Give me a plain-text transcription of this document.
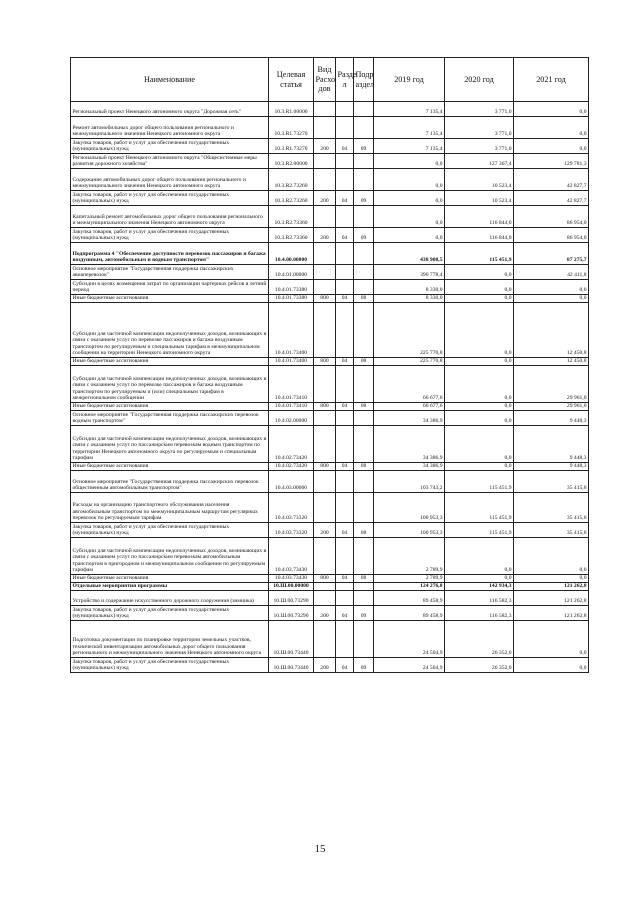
Наименование	Целевая статья	Вид Расхо дов	Разде л	Подр аздел	2019 год	2020 год	2021 год
Региональный проект Ненецкого автономного округа "Дорожная сеть"	10.3.R1.00000				7 135,4	3 771,0	0,0
Ремонт автомобильных дорог общего пользования регионального и межмуниципального значения Ненецкого автономного округа	10.3.R1.73270				7 135,4	3 771,0	0,0
Закупка товаров, работ и услуг для обеспечения государственных (муниципальных) нужд	10.3.R1.73270	200	04	09	7 135,4	3 771,0	0,0
Региональный проект Ненецкого автономного округа "Общесистемные меры развития дорожного хозяйства"	10.3.R2.00000				0,0	127 367,4	129 781,3
Содержание автомобильных дорог общего пользования регионального и межмуниципального значения Ненецкого автономного округа	10.3.R2.73260				0,0	10 523,4	42 827,7
Закупка товаров, работ и услуг для обеспечения государственных (муниципальных) нужд	10.3.R2.73260	200	04	09	0,0	10 523,4	42 827,7
Капитальный ремонт автомобильных дорог общего пользования регионального и межмуниципального значения Ненецкого автономного округа	10.3.R2.73360				0,0	116 844,0	86 954,0
Закупка товаров, работ и услуг для обеспечения государственных (муниципальных) нужд	10.3.R2.73360	200	04	09	0,0	116 844,0	86 954,0
Подпрограмма 4 "Обеспечение доступности перевозок пассажиров и багажа воздушным, автомобильным и водным транспортом"	10.4.00.00000				438 908,5	115 451,9	87 275,7
Основное мероприятие "Государственная поддержка пассажирских авиаперевозок"	10.4.01.00000				390 778,4	0,0	42 411,8
Субсидии в целях возмещения затрат по организации чартерных рейсов в летний период	10.4.01.73380				8 330,0	0,0	0,0
Иные бюджетные ассигнования	10.4.01.73380	800	04	08	8 330,0	0,0	0,0
Субсидии для частичной компенсации недополученных доходов, возникающих в связи с оказанием услуг по перевозке пассажиров и багажа воздушным транспортом по регулируемым и специальным тарифам в межмуниципальном сообщении на территории Ненецкого автономного округа	10.4.01.73400				225 770,8	0,0	12 450,8
Иные бюджетные ассигнования	10.4.01.73400	800	04	08	225 770,8	0,0	12 450,8
Субсидии для частичной компенсации недополученных доходов, возникающих в связи с оказанием услуг по перевозке пассажиров и багажа воздушным транспортом по регулируемым и (или) специальным тарифам в межрегиональном сообщении	10.4.01.73410				66 677,6	0,0	29 961,0
Иные бюджетные ассигнования	10.4.01.73410	800	04	08	66 677,6	0,0	29 961,0
Основное мероприятие "Государственная поддержка пассажирских перевозок водным транспортом"	10.4.02.00000				34 386,9	0,0	9 448,3
Субсидии для частичной компенсации недополученных доходов, возникающих в связи с оказанием услуг по пассажирским перевозкам водным транспортом по территории Ненецкого автономного округа по регулируемым и специальным тарифам	10.4.02.73420				34 386,9	0,0	9 448,3
Иные бюджетные ассигнования	10.4.02.73420	800	04	08	34 386,9	0,0	9 448,3
Основное мероприятие "Государственная поддержка пассажирских перевозок общественным автомобильным транспортом"	10.4.03.00000				103 743,2	115 451,9	35 415,6
Расходы на организацию транспортного обслуживания населения автомобильным транспортом по межмуниципальным маршрутам регулярных перевозок по регулируемым тарифам	10.4.03.73320				100 953,3	115 451,9	35 415,6
Закупка товаров, работ и услуг для обеспечения государственных (муниципальных) нужд	10.4.03.73320	200	04	08	100 953,3	115 451,9	35 415,6
Субсидии для частичной компенсации недополученных доходов, возникающих в связи с оказанием услуг по пассажирским перевозкам автомобильным транспортом в пригородном и межмуниципальном сообщении по регулируемым тарифам	10.4.03.73430				2 789,9	0,0	0,0
Иные бюджетные ассигнования	10.4.03.73430	800	04	08	2 789,9	0,0	0,0
Отдельные мероприятия программы	10.Ш.00.00000				124 276,8	142 934,3	121 262,8
Устройство и содержание искусственного дорожного сооружения (зимника)	10.Ш.00.73290				89 458,9	116 582,3	121 262,8
Закупка товаров, работ и услуг для обеспечения государственных (муниципальных) нужд	10.Ш.00.73290	200	04	09	89 458,9	116 582,3	121 262,8
Подготовка документации по планировке территории земельных участков, технической инвентаризации автомобильных дорог общего пользования регионального и межмуниципального значения Ненецкого автономного округа	10.Ш.00.73440				24 504,9	26 352,0	0,0
Закупка товаров, работ и услуг для обеспечения государственных (муниципальных) нужд	10.Ш.00.73440	200	04	09	24 504,9	26 352,0	0,0
15
